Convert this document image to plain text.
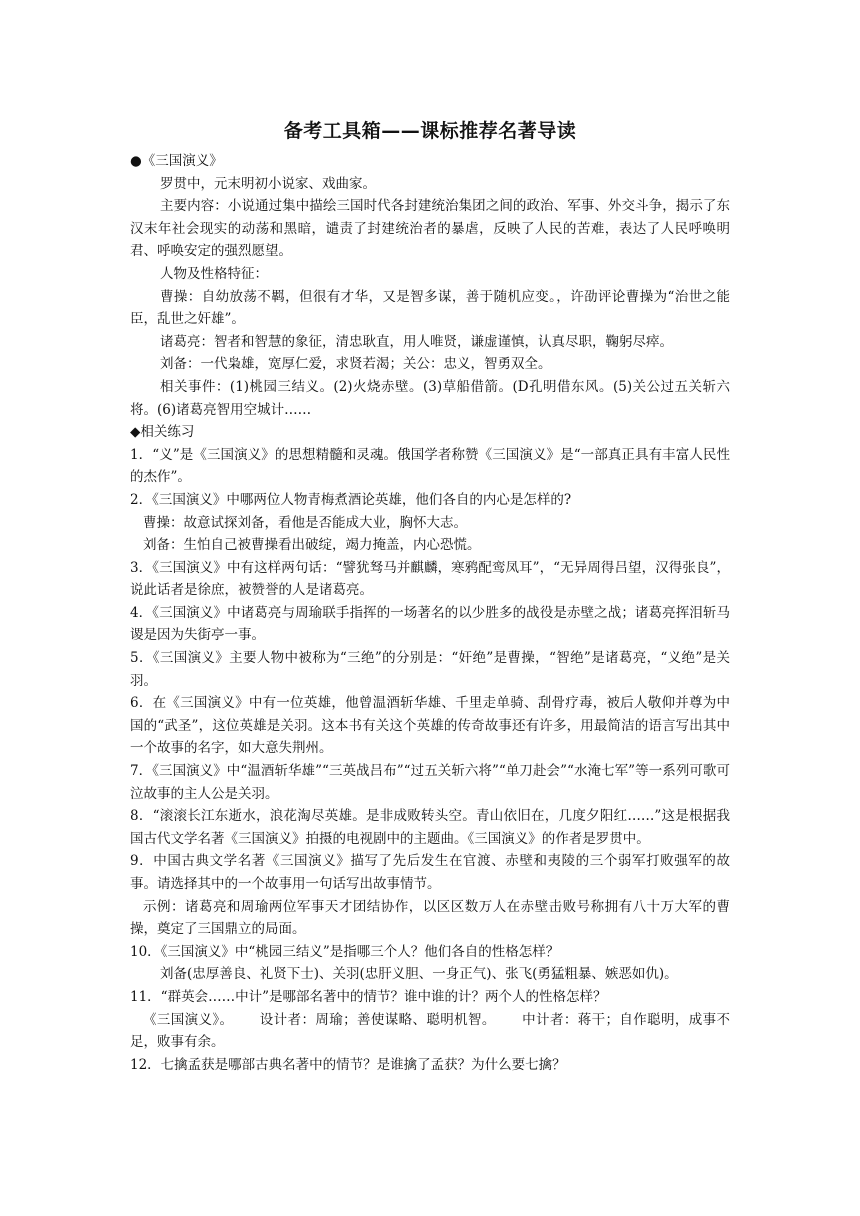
备考工具箱——课标推荐名著导读

●《三国演义》

罗贯中，元末明初小说家、戏曲家。

主要内容：小说通过集中描绘三国时代各封建统治集团之间的政治、军事、外交斗争，揭示了东汉末年社会现实的动荡和黑暗，谴责了封建统治者的暴虐，反映了人民的苦难，表达了人民呼唤明君、呼唤安定的强烈愿望。

人物及性格特征：

曹操：自幼放荡不羁，但很有才华，又是智多谋，善于随机应变。，许劭评论曹操为“治世之能臣，乱世之奸雄”。

诸葛亮：智者和智慧的象征，清忠耿直，用人唯贤，谦虚谨慎，认真尽职，鞠躬尽瘁。

刘备：一代枭雄，宽厚仁爱，求贤若渴；关公：忠义，智勇双全。

相关事件：(1)桃园三结义。(2)火烧赤壁。(3)草船借箭。(D孔明借东风。(5)关公过五关斩六将。(6)诸葛亮智用空城计……

◆相关练习

1．“义”是《三国演义》的思想精髓和灵魂。俄国学者称赞《三国演义》是“一部真正具有丰富人民性的杰作”。

2．《三国演义》中哪两位人物青梅煮酒论英雄，他们各自的内心是怎样的?

曹操：故意试探刘备，看他是否能成大业，胸怀大志。

刘备：生怕自己被曹操看出破绽，竭力掩盖，内心恐慌。

3．《三国演义》中有这样两句话：“譬犹驽马并麒麟，寒鸦配鸾凤耳”，“无异周得吕望，汉得张良”，说此话者是徐庶，被赞誉的人是诸葛亮。

4．《三国演义》中诸葛亮与周瑜联手指挥的一场著名的以少胜多的战役是赤壁之战；诸葛亮挥泪斩马谡是因为失街亭一事。

5．《三国演义》主要人物中被称为“三绝”的分别是：“奸绝”是曹操，“智绝”是诸葛亮，“义绝”是关羽。

6．在《三国演义》中有一位英雄，他曾温酒斩华雄、千里走单骑、刮骨疗毒，被后人敬仰并尊为中国的“武圣”，这位英雄是关羽。这本书有关这个英雄的传奇故事还有许多，用最简洁的语言写出其中一个故事的名字，如大意失荆州。

7．《三国演义》中“温酒斩华雄”“三英战吕布”“过五关斩六将”“单刀赴会”“水淹七军”等一系列可歌可泣故事的主人公是关羽。

8．“滚滚长江东逝水，浪花淘尽英雄。是非成败转头空。青山依旧在，几度夕阳红……”这是根据我国古代文学名著《三国演义》拍摄的电视剧中的主题曲。《三国演义》的作者是罗贯中。

9．中国古典文学名著《三国演义》描写了先后发生在官渡、赤壁和夷陵的三个弱军打败强军的故事。请选择其中的一个故事用一句话写出故事情节。

示例：诸葛亮和周瑜两位军事天才团结协作，以区区数万人在赤壁击败号称拥有八十万大军的曹操，奠定了三国鼎立的局面。

10．《三国演义》中“桃园三结义”是指哪三个人？他们各自的性格怎样？

刘备(忠厚善良、礼贤下士)、关羽(忠肝义胆、一身正气)、张飞(勇猛粗暴、嫉恶如仇)。

11．“群英会……中计”是哪部名著中的情节？谁中谁的计？两个人的性格怎样？

《三国演义》。 设计者：周瑜；善使谋略、聪明机智。 中计者：蒋干；自作聪明，成事不足，败事有余。

12．七擒孟获是哪部古典名著中的情节？是谁擒了孟获？为什么要七擒？
